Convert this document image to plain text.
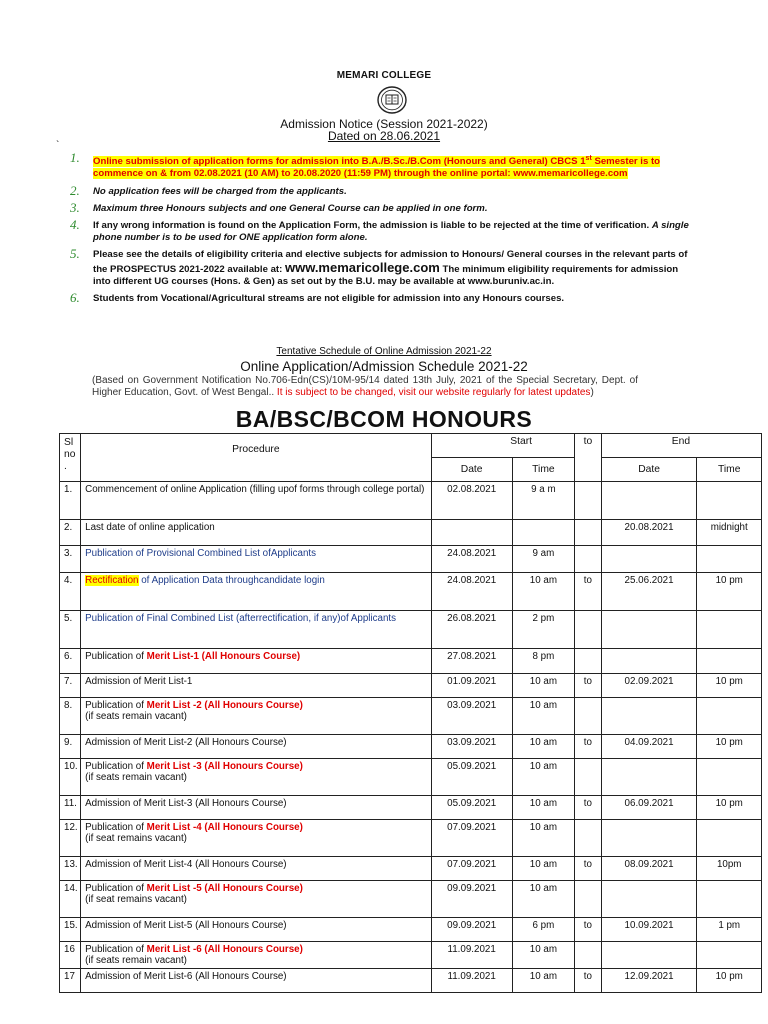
MEMARI COLLEGE
Admission Notice (Session 2021-2022)
Dated on 28.06.2021
`
1. Online submission of application forms for admission into B.A./B.Sc./B.Com (Honours and General) CBCS 1st Semester is to commence on & from 02.08.2021 (10 AM) to 20.08.2020 (11:59 PM) through the online portal: www.memaricollege.com
2. No application fees will be charged from the applicants.
3. Maximum three Honours subjects and one General Course can be applied in one form.
4. If any wrong information is found on the Application Form, the admission is liable to be rejected at the time of verification. A single phone number is to be used for ONE application form alone.
5. Please see the details of eligibility criteria and elective subjects for admission to Honours/ General courses in the relevant parts of the PROSPECTUS 2021-2022 available at: www.memaricollege.com The minimum eligibility requirements for admission into different UG courses (Hons. & Gen) as set out by the B.U. may be available at www.buruniv.ac.in.
6. Students from Vocational/Agricultural streams are not eligible for admission into any Honours courses.
Tentative Schedule of Online Admission 2021-22
Online Application/Admission Schedule 2021-22
(Based on Government Notification No.706-Edn(CS)/10M-95/14 dated 13th July, 2021 of the Special Secretary, Dept. of Higher Education, Govt. of West Bengal.. It is subject to be changed, visit our website regularly for latest updates)
BA/BSC/BCOM HONOURS
Sl
no
.	Procedure	Start		to	End	
		Date	Time		Date	Time
1.	Commencement of online Application (filling upof forms through college portal)	02.08.2021	9 a m			
2.	Last date of online application				20.08.2021	midnight
3.	Publication of Provisional Combined List ofApplicants	24.08.2021	9 am			
4.	Rectification of Application Data throughcandidate login	24.08.2021	10 am	to	25.06.2021	10 pm
5.	Publication of Final Combined List (afterrectification, if any)of Applicants	26.08.2021	2 pm			
6.	Publication of Merit List-1 (All Honours Course)	27.08.2021	8 pm			
7.	Admission of Merit List-1	01.09.2021	10 am	to	02.09.2021	10 pm
8.	Publication of Merit List -2 (All Honours Course)
(if seats remain vacant)	03.09.2021	10 am			
9.	Admission of Merit List-2 (All Honours Course)	03.09.2021	10 am	to	04.09.2021	10 pm
10.	Publication of Merit List -3 (All Honours Course)
(if seats remain vacant)	05.09.2021	10 am			
11.	Admission of Merit List-3 (All Honours Course)	05.09.2021	10 am	to	06.09.2021	10 pm
12.	Publication of Merit List -4 (All Honours Course)
(if seat remains vacant)	07.09.2021	10 am			
13.	Admission of Merit List-4 (All Honours Course)	07.09.2021	10 am	to	08.09.2021	10pm
14.	Publication of Merit List -5 (All Honours Course)
(if seat remains vacant)	09.09.2021	10 am			
15.	Admission of Merit List-5 (All Honours Course)	09.09.2021	6 pm	to	10.09.2021	1 pm
16	Publication of Merit List -6 (All Honours Course)
(if seats remain vacant)	11.09.2021	10 am			
17	Admission of Merit List-6 (All Honours Course)	11.09.2021	10 am	to	12.09.2021	10 pm
